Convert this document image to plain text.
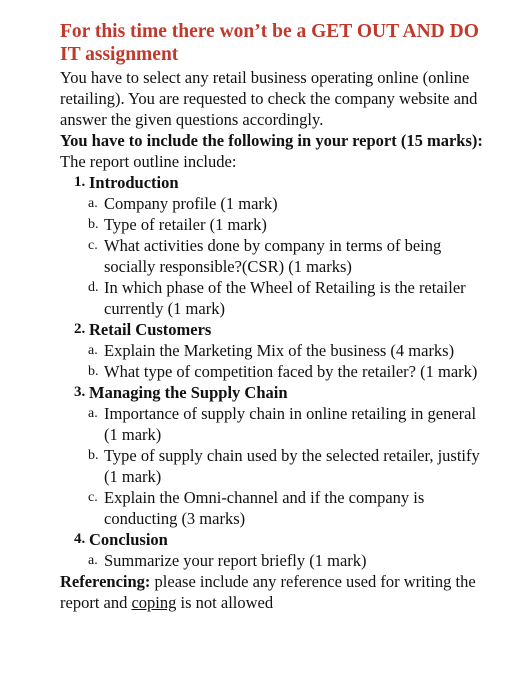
For this time there won’t be a GET OUT AND DO IT assignment

You have to select any retail business operating online (online retailing). You are requested to check the company website and answer the given questions accordingly.

You have to include the following in your report (15 marks):

The report outline include:

1. Introduction
a. Company profile (1 mark)
b. Type of retailer (1 mark)
c. What activities done by company in terms of being socially responsible?(CSR) (1 marks)
d. In which phase of the Wheel of Retailing is the retailer currently (1 mark)
2. Retail Customers
a. Explain the Marketing Mix of the business (4 marks)
b. What type of competition faced by the retailer? (1 mark)
3. Managing the Supply Chain
a. Importance of supply chain in online retailing in general (1 mark)
b. Type of supply chain used by the selected retailer, justify (1 mark)
c. Explain the Omni-channel and if the company is conducting (3 marks)
4. Conclusion
a. Summarize your report briefly (1 mark)

Referencing: please include any reference used for writing the report and coping is not allowed
